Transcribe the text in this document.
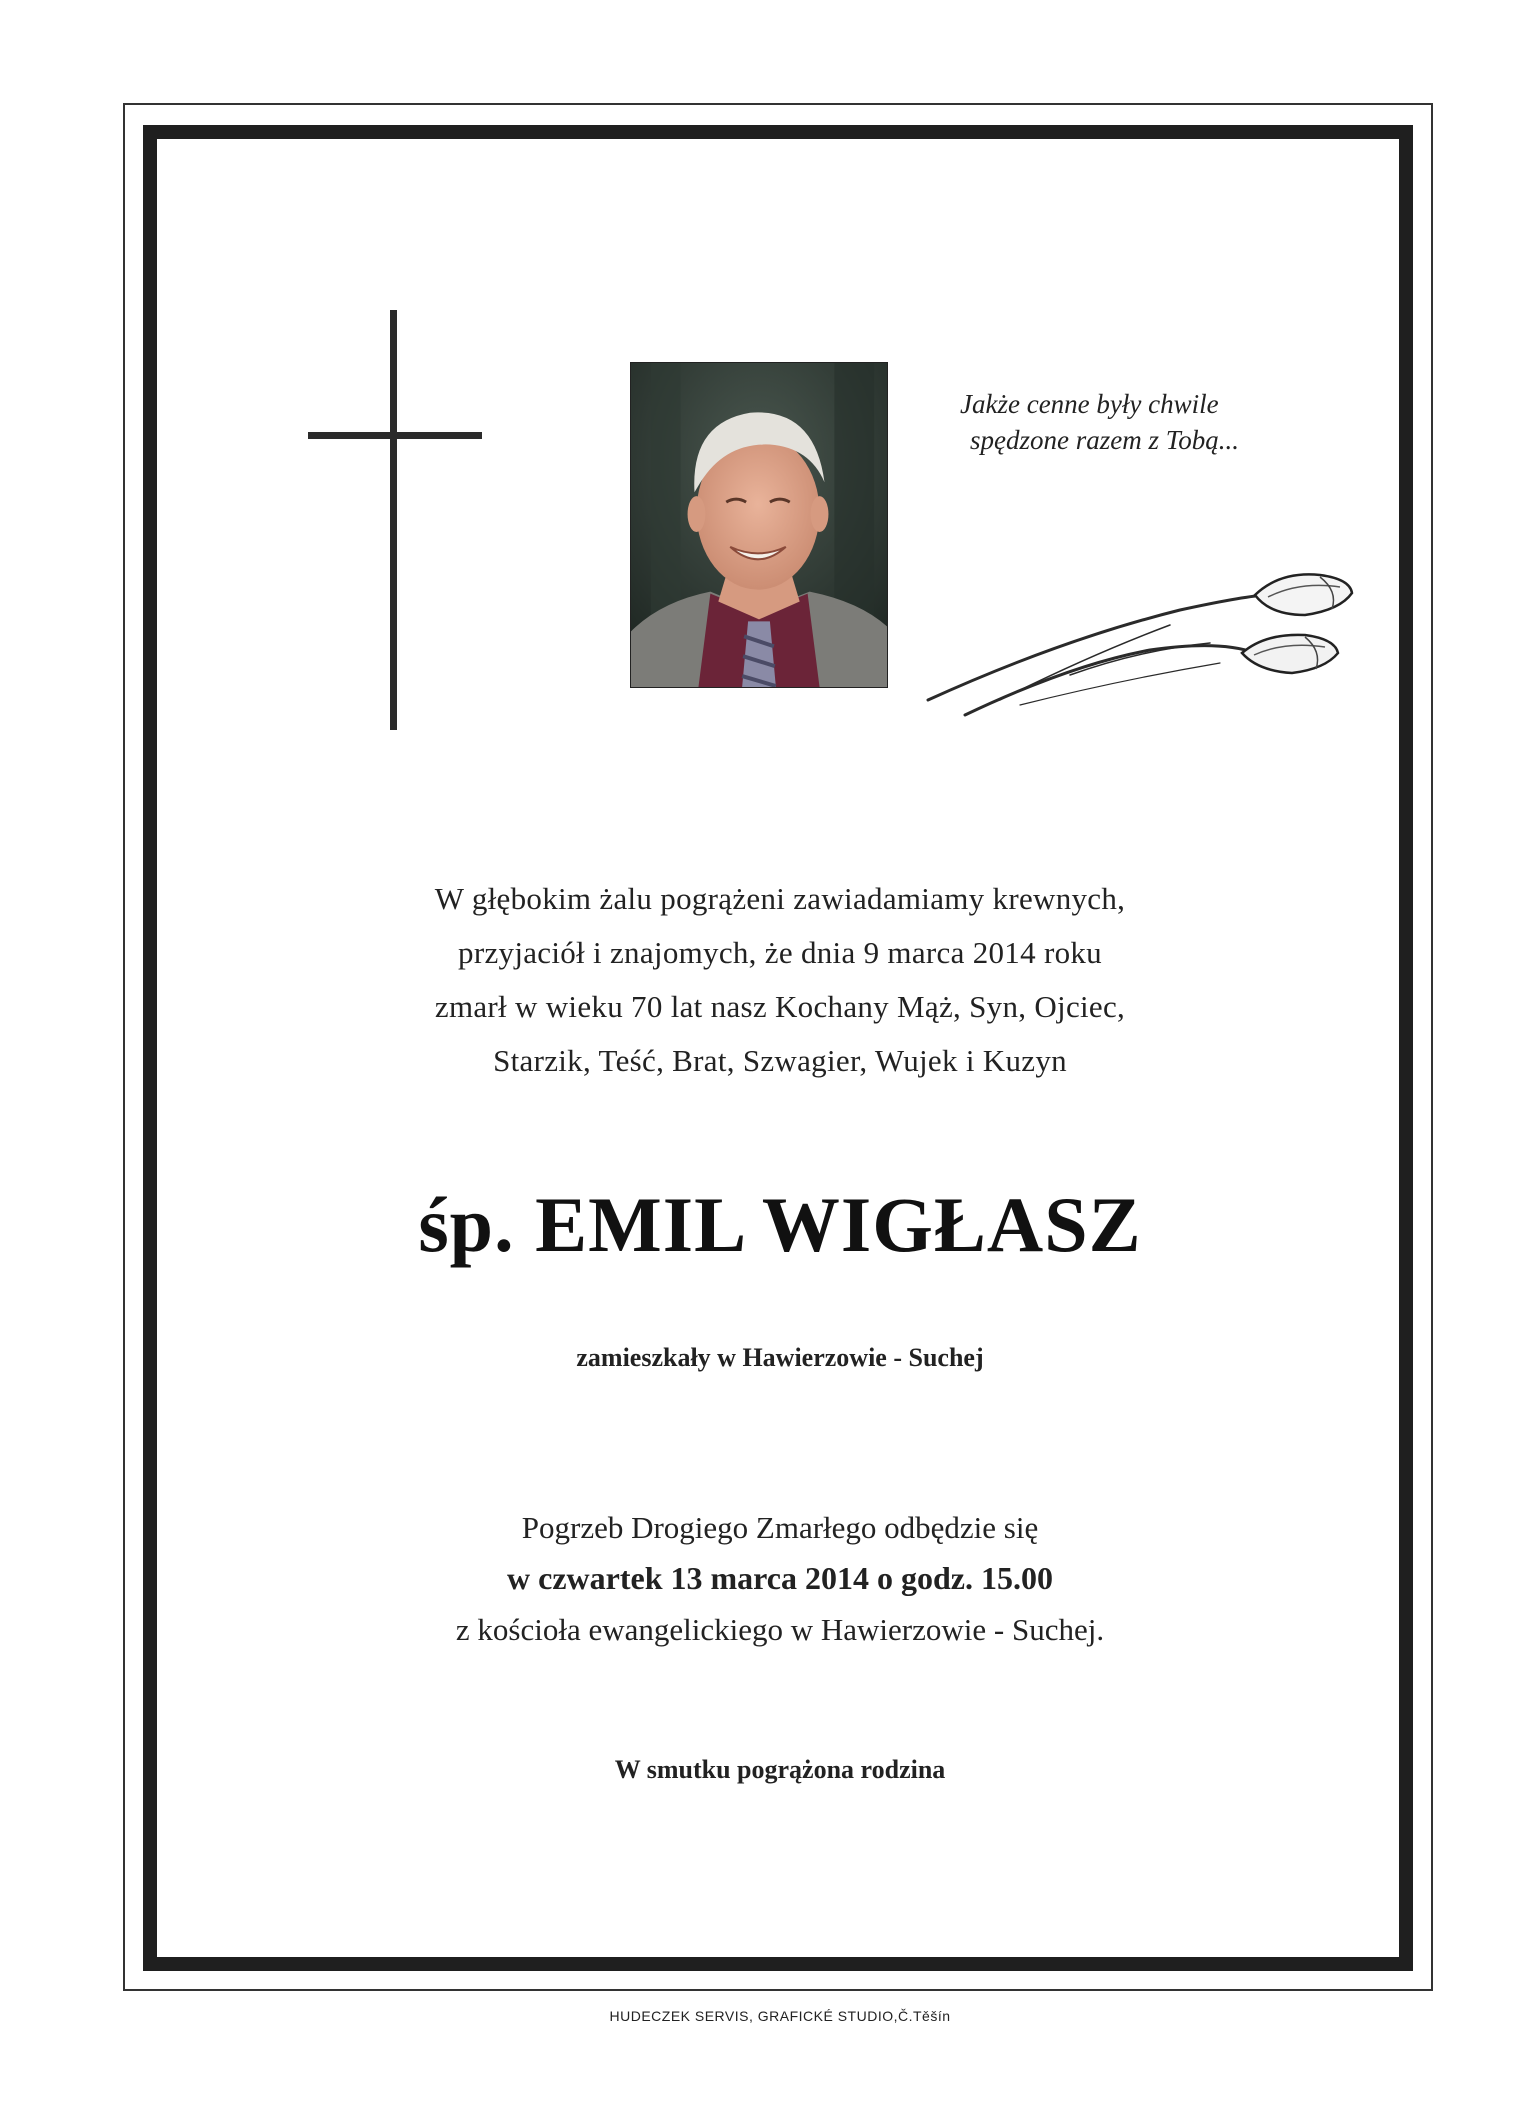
Jakże cenne były chwile

spędzone razem z Tobą...
W głębokim żalu pogrążeni zawiadamiamy krewnych,
przyjaciół i znajomych, że dnia 9 marca 2014 roku
zmarł w wieku 70 lat nasz Kochany Mąż, Syn, Ojciec,
Starzik, Teść, Brat, Szwagier, Wujek i Kuzyn
śp. EMIL WIGŁASZ
zamieszkały w Hawierzowie - Suchej
Pogrzeb Drogiego Zmarłego odbędzie się
w czwartek 13 marca 2014 o godz. 15.00
z kościoła ewangelickiego w Hawierzowie - Suchej.
W smutku pogrążona rodzina
HUDECZEK SERVIS, GRAFICKÉ STUDIO,Č.Těšín
